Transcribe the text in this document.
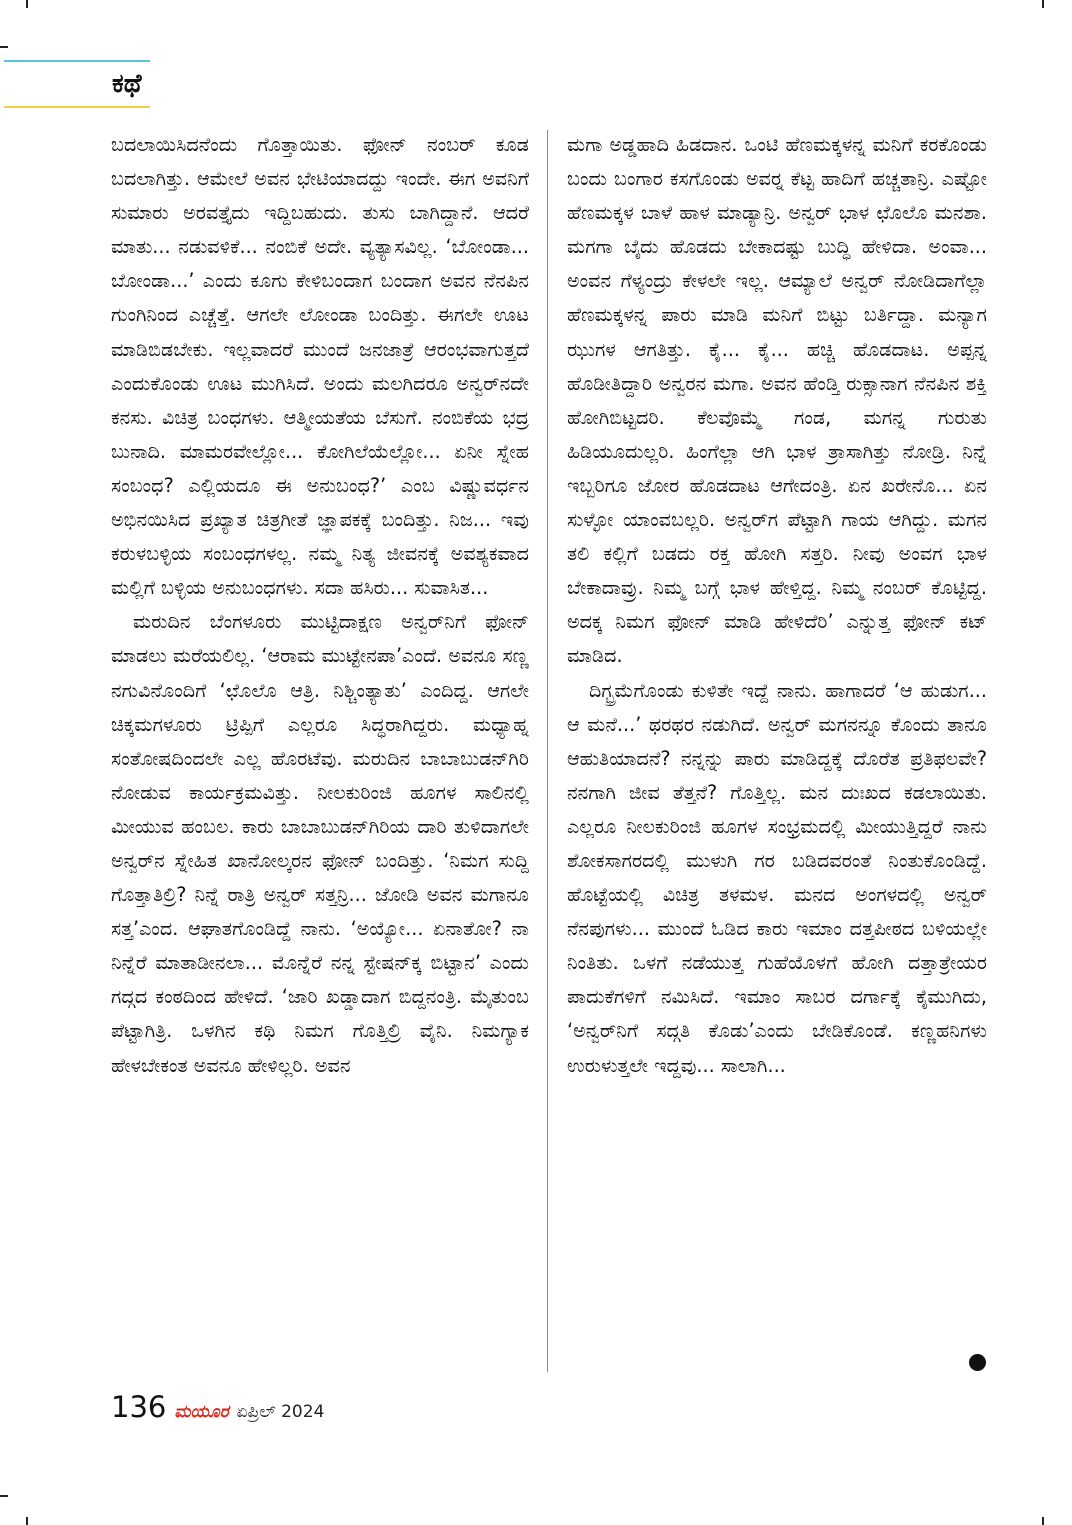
ಕಥೆ

ಬದಲಾಯಿಸಿದನೆಂದು ಗೊತ್ತಾಯಿತು. ಫೋನ್ ನಂಬರ್ ಕೂಡ ಬದಲಾಗಿತ್ತು. ಆಮೇಲೆ ಅವನ ಭೇಟಿಯಾದದ್ದು ಇಂದೇ. ಈಗ ಅವನಿಗೆ ಸುಮಾರು ಅರವತ್ತೈದು ಇದ್ದಿಬಹುದು. ತುಸು ಬಾಗಿದ್ದಾನೆ. ಆದರೆ ಮಾತು... ನಡುವಳಿಕೆ... ನಂಬಿಕೆ ಅದೇ. ವ್ಯತ್ಯಾಸವಿಲ್ಲ. ‘ಬೋಂಡಾ... ಬೋಂಡಾ...’ ಎಂದು ಕೂಗು ಕೇಳಿಬಂದಾಗ ಬಂದಾಗ ಅವನ ನೆನಪಿನ ಗುಂಗಿನಿಂದ ಎಚ್ಚೆತ್ತೆ. ಆಗಲೇ ಲೋಂಡಾ ಬಂದಿತ್ತು. ಈಗಲೇ ಊಟ ಮಾಡಿಬಿಡಬೇಕು. ಇಲ್ಲವಾದರೆ ಮುಂದೆ ಜನಜಾತ್ರೆ ಆರಂಭವಾಗುತ್ತದೆ ಎಂದುಕೊಂಡು ಊಟ ಮುಗಿಸಿದೆ. ಅಂದು ಮಲಗಿದರೂ ಅನ್ವರ್‌ನದೇ ಕನಸು. ವಿಚಿತ್ರ ಬಂಧಗಳು. ಆತ್ಮೀಯತೆಯ ಬೆಸುಗೆ. ನಂಬಿಕೆಯ ಭದ್ರ ಬುನಾದಿ. ಮಾಮರವೇಲ್ಲೋ... ಕೋಗಿಲೆಯೆಲ್ಲೋ... ಏನೀ ಸ್ನೇಹ ಸಂಬಂಧ? ಎಲ್ಲಿಯದೂ ಈ ಅನುಬಂಧ?’ ಎಂಬ ವಿಷ್ಣುವರ್ಧನ ಅಭಿನಯಿಸಿದ ಪ್ರಖ್ಯಾತ ಚಿತ್ರಗೀತೆ ಜ್ಞಾಪಕಕ್ಕೆ ಬಂದಿತ್ತು. ನಿಜ... ಇವು ಕರುಳಬಳ್ಳಿಯ ಸಂಬಂಧಗಳಲ್ಲ. ನಮ್ಮ ನಿತ್ಯ ಜೀವನಕ್ಕೆ ಅವಶ್ಯಕವಾದ ಮಲ್ಲಿಗೆ ಬಳ್ಳಿಯ ಅನುಬಂಧಗಳು. ಸದಾ ಹಸಿರು... ಸುವಾಸಿತ...

ಮರುದಿನ ಬೆಂಗಳೂರು ಮುಟ್ಟಿದಾಕ್ಷಣ ಅನ್ವರ್‌ನಿಗೆ ಫೋನ್ ಮಾಡಲು ಮರೆಯಲಿಲ್ಲ. ‘ಆರಾಮ ಮುಟ್ಟೇನಪಾ’ಎಂದೆ. ಅವನೂ ಸಣ್ಣ ನಗುವಿನೊಂದಿಗೆ ‘ಛೊಲೊ ಆತ್ರಿ. ನಿಶ್ಚಿಂತ್ಯಾತು’ ಎಂದಿದ್ದ. ಆಗಲೇ ಚಿಕ್ಕಮಗಳೂರು ಟ್ರಿಪ್ಪಿಗೆ ಎಲ್ಲರೂ ಸಿದ್ಧರಾಗಿದ್ದರು. ಮಧ್ಯಾಹ್ನ ಸಂತೋಷದಿಂದಲೇ ಎಲ್ಲ ಹೊರಟೆವು. ಮರುದಿನ ಬಾಬಾಬುಡನ್‌ಗಿರಿ ನೋಡುವ ಕಾರ್ಯಕ್ರಮವಿತ್ತು. ನೀಲಕುರಿಂಜಿ ಹೂಗಳ ಸಾಲಿನಲ್ಲಿ ಮೀಯುವ ಹಂಬಲ. ಕಾರು ಬಾಬಾಬುಡನ್‌ಗಿರಿಯ ದಾರಿ ತುಳಿದಾಗಲೇ ಅನ್ವರ್‌ನ ಸ್ನೇಹಿತ ಖಾನೋಲ್ಕರನ ಫೋನ್ ಬಂದಿತ್ತು. ‘ನಿಮಗ ಸುದ್ದಿ ಗೊತ್ತಾತಿಲ್ರಿ? ನಿನ್ನೆ ರಾತ್ರಿ ಅನ್ವರ್ ಸತ್ತನ್ರಿ... ಜೋಡಿ ಅವನ ಮಗಾನೂ ಸತ್ತ’ಎಂದ. ಆಘಾತಗೊಂಡಿದ್ದೆ ನಾನು. ‘ಅಯ್ಯೋ... ಏನಾತೋ? ನಾ ನಿನ್ನೆರೆ ಮಾತಾಡೀನಲಾ... ಮೊನ್ನೆರೆ ನನ್ನ ಸ್ಟೇಷನ್‌ಕ್ಕ ಬಿಟ್ಟಾನ’ ಎಂದು ಗದ್ಗದ ಕಂಠದಿಂದ ಹೇಳಿದೆ. ‘ಜಾರಿ ಖಡ್ಡಾದಾಗ ಬಿದ್ದನಂತ್ರಿ. ಮೈತುಂಬ ಪೆಟ್ಟಾಗಿತ್ರಿ. ಒಳಗಿನ ಕಥಿ ನಿಮಗ ಗೊತ್ತಿಲ್ರಿ ವೈನಿ. ನಿಮಗ್ಯಾಕ ಹೇಳಬೇಕಂತ ಅವನೂ ಹೇಳಿಲ್ಲರಿ. ಅವನ

ಮಗಾ ಅಡ್ಡಹಾದಿ ಹಿಡದಾನ. ಒಂಟಿ ಹೆಣಮಕ್ಕಳನ್ನ ಮನಿಗೆ ಕರಕೊಂಡು ಬಂದು ಬಂಗಾರ ಕಸಗೊಂಡು ಅವರ್‍ನ ಕೆಟ್ಟ ಹಾದಿಗೆ ಹಚ್ಚತಾನ್ರಿ. ಎಷ್ಟೋ ಹೆಣಮಕ್ಕಳ ಬಾಳೆ ಹಾಳ ಮಾಡ್ಯಾನ್ರಿ. ಅನ್ವರ್ ಭಾಳ ಛೊಲೊ ಮನಶಾ. ಮಗಗಾ ಬೈದು ಹೊಡದು ಬೇಕಾದಷ್ಟು ಬುದ್ಧಿ ಹೇಳಿದಾ. ಅಂವಾ... ಅಂವನ ಗೆಳ್ಯಂದ್ರು ಕೇಳಲೇ ಇಲ್ಲ. ಆಮ್ಯಾಲೆ ಅನ್ವರ್ ನೋಡಿದಾಗೆಲ್ಲಾ ಹೆಣಮಕ್ಕಳನ್ನ ಪಾರು ಮಾಡಿ ಮನಿಗೆ ಬಿಟ್ಟು ಬರ್ತಿದ್ದಾ. ಮನ್ಯಾಗ ಝುಗಳ ಆಗತಿತ್ತು. ಕೈ... ಕೈ... ಹಚ್ಚಿ ಹೊಡದಾಟ. ಅಪ್ಪನ್ನ ಹೊಡೀತಿದ್ದಾರಿ ಅನ್ವರನ ಮಗಾ. ಅವನ ಹೆಂಡ್ತಿ ರುಕ್ಸಾನಾಗ ನೆನಪಿನ ಶಕ್ತಿ ಹೋಗಿಬಿಟ್ಟದರಿ. ಕೆಲವೊಮ್ಮೆ ಗಂಡ, ಮಗನ್ನ ಗುರುತು ಹಿಡಿಯೂದುಲ್ಲರಿ. ಹಿಂಗೆಲ್ಲಾ ಆಗಿ ಭಾಳ ತ್ರಾಸಾಗಿತ್ತು ನೋಡ್ರಿ. ನಿನ್ನೆ ಇಬ್ಬರಿಗೂ ಜೋರ ಹೊಡದಾಟ ಆಗೇದಂತ್ರಿ. ಏನ ಖರೇನೊ... ಏನ ಸುಳ್ಳೋ ಯಾಂವಬಲ್ಲರಿ. ಅನ್ವರ್‌ಗ ಪೆಟ್ಟಾಗಿ ಗಾಯ ಆಗಿದ್ದು. ಮಗನ ತಲಿ ಕಲ್ಲಿಗೆ ಬಡದು ರಕ್ತ ಹೋಗಿ ಸತ್ತರಿ. ನೀವು ಅಂವಗ ಭಾಳ ಬೇಕಾದಾವ್ರು. ನಿಮ್ಮ ಬಗ್ಗೆ ಭಾಳ ಹೇಳ್ತಿದ್ದ. ನಿಮ್ಮ ನಂಬರ್ ಕೊಟ್ಟಿದ್ದ. ಅದಕ್ಕ ನಿಮಗ ಫೋನ್ ಮಾಡಿ ಹೇಳಿದೆರಿ’ ಎನ್ನುತ್ತ ಫೋನ್ ಕಟ್ ಮಾಡಿದ.

ದಿಗ್ಭ್ರಮೆಗೊಂಡು ಕುಳಿತೇ ಇದ್ದೆ ನಾನು. ಹಾಗಾದರೆ ‘ಆ ಹುಡುಗ... ಆ ಮನೆ...’ ಥರಥರ ನಡುಗಿದೆ. ಅನ್ವರ್ ಮಗನನ್ನೂ ಕೊಂದು ತಾನೂ ಆಹುತಿಯಾದನೆ? ನನ್ನನ್ನು ಪಾರು ಮಾಡಿದ್ದಕ್ಕೆ ದೊರೆತ ಪ್ರತಿಫಲವೇ? ನನಗಾಗಿ ಜೀವ ತೆತ್ತನೆ? ಗೊತ್ತಿಲ್ಲ. ಮನ ದುಃಖದ ಕಡಲಾಯಿತು. ಎಲ್ಲರೂ ನೀಲಕುರಿಂಜಿ ಹೂಗಳ ಸಂಭ್ರಮದಲ್ಲಿ ಮೀಯುತ್ತಿದ್ದರೆ ನಾನು ಶೋಕಸಾಗರದಲ್ಲಿ ಮುಳುಗಿ ಗರ ಬಡಿದವರಂತೆ ನಿಂತುಕೊಂಡಿದ್ದೆ. ಹೊಟ್ಟೆಯಲ್ಲಿ ವಿಚಿತ್ರ ತಳಮಳ. ಮನದ ಅಂಗಳದಲ್ಲಿ ಅನ್ವರ್ ನೆನಪುಗಳು... ಮುಂದೆ ಓಡಿದ ಕಾರು ಇಮಾಂ ದತ್ತಪೀಠದ ಬಳಿಯಲ್ಲೇ ನಿಂತಿತು. ಒಳಗೆ ನಡೆಯುತ್ತ ಗುಹೆಯೊಳಗೆ ಹೋಗಿ ದತ್ತಾತ್ರೇಯರ ಪಾದುಕೆಗಳಿಗೆ ನಮಿಸಿದೆ. ಇಮಾಂ ಸಾಬರ ದರ್ಗಾಕ್ಕೆ ಕೈಮುಗಿದು, ‘ಅನ್ವರ್‌ನಿಗೆ ಸದ್ಗತಿ ಕೊಡು’ಎಂದು ಬೇಡಿಕೊಂಡೆ. ಕಣ್ಣಹನಿಗಳು ಉರುಳುತ್ತಲೇ ಇದ್ದವು... ಸಾಲಾಗಿ...

136 ಮಯೂರ ಏಪ್ರಿಲ್ 2024
